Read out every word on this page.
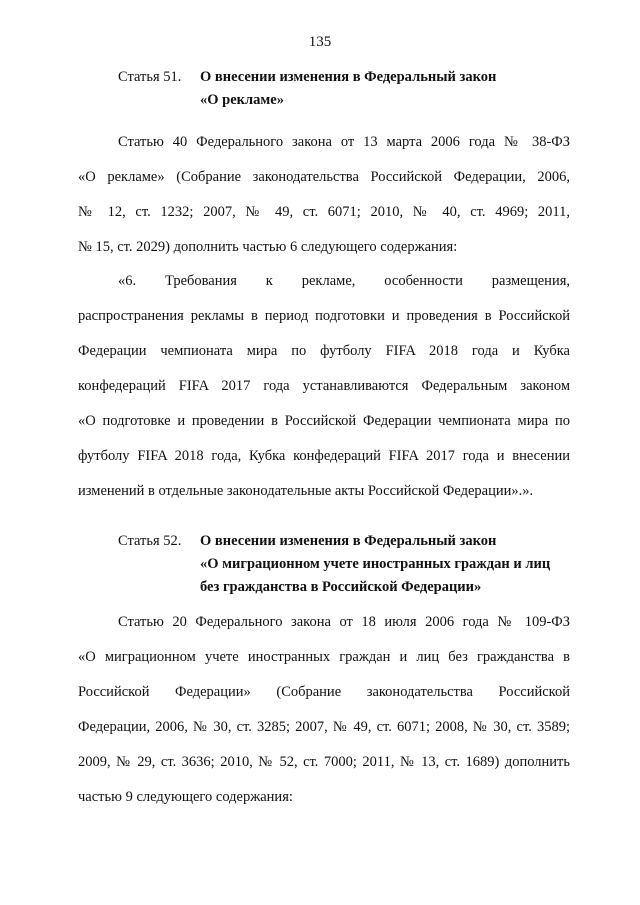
135
Статья 51.	О внесении изменения в Федеральный закон
«О рекламе»
Статью 40 Федерального закона от 13 марта 2006 года № 38-ФЗ
«О рекламе» (Собрание законодательства Российской Федерации, 2006,
№ 12, ст. 1232; 2007, № 49, ст. 6071; 2010, № 40, ст. 4969; 2011,
№ 15, ст. 2029) дополнить частью 6 следующего содержания:
«6. Требования к рекламе, особенности размещения,
распространения рекламы в период подготовки и проведения в Российской
Федерации чемпионата мира по футболу FIFA 2018 года и Кубка
конфедераций FIFA 2017 года устанавливаются Федеральным законом
«О подготовке и проведении в Российской Федерации чемпионата мира по
футболу FIFA 2018 года, Кубка конфедераций FIFA 2017 года и внесении
изменений в отдельные законодательные акты Российской Федерации».».
Статья 52.	О внесении изменения в Федеральный закон
«О миграционном учете иностранных граждан и лиц
без гражданства в Российской Федерации»
Статью 20 Федерального закона от 18 июля 2006 года № 109-ФЗ
«О миграционном учете иностранных граждан и лиц без гражданства в
Российской Федерации» (Собрание законодательства Российской
Федерации, 2006, № 30, ст. 3285; 2007, № 49, ст. 6071; 2008, № 30, ст. 3589;
2009, № 29, ст. 3636; 2010, № 52, ст. 7000; 2011, № 13, ст. 1689) дополнить
частью 9 следующего содержания:
